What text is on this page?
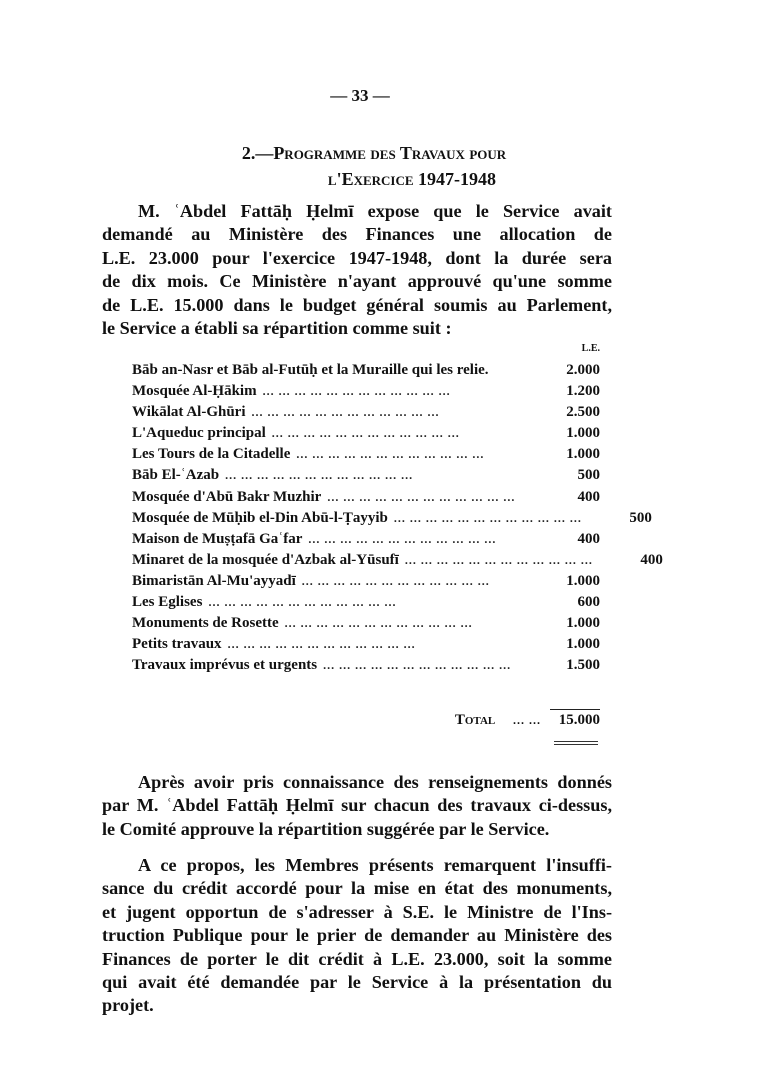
— 33 —
2.—Programme des Travaux pour
l'Exercice 1947-1948
M. ʿAbdel Fattāḥ Ḥelmī expose que le Service avait
demandé au Ministère des Finances une allocation de
L.E. 23.000 pour l'exercice 1947-1948, dont la durée sera
de dix mois. Ce Ministère n'ayant approuvé qu'une somme
de L.E. 15.000 dans le budget général soumis au Parlement,
le Service a établi sa répartition comme suit :
L.E.
Bāb an-Nasr et Bāb al-Futūḥ et la Muraille qui les relie.	2.000
Mosquée Al-Ḥākim ... ... ... ... ... ... ... ... ... ... ... ...	1.200
Wikālat Al-Ghūri ... ... ... ... ... ... ... ... ... ... ... ...	2.500
L'Aqueduc principal ... ... ... ... ... ... ... ... ... ... ... ...	1.000
Les Tours de la Citadelle ... ... ... ... ... ... ... ... ... ... ... ...	1.000
Bāb El-ʿAzab ... ... ... ... ... ... ... ... ... ... ... ...	500
Mosquée d'Abū Bakr Muzhir ... ... ... ... ... ... ... ... ... ... ... ...	400
Mosquée de Mūḥib el-Din Abū-l-Ṭayyib ... ... ... ... ... ... ... ... ... ... ... ...	500
Maison de Muṣṭafā Gaʿfar ... ... ... ... ... ... ... ... ... ... ... ...	400
Minaret de la mosquée d'Azbak al-Yūsufī ... ... ... ... ... ... ... ... ... ... ... ...	400
Bimaristān Al-Mu'ayyadī ... ... ... ... ... ... ... ... ... ... ... ...	1.000
Les Eglises ... ... ... ... ... ... ... ... ... ... ... ...	600
Monuments de Rosette ... ... ... ... ... ... ... ... ... ... ... ...	1.000
Petits travaux ... ... ... ... ... ... ... ... ... ... ... ...	1.000
Travaux imprévus et urgents ... ... ... ... ... ... ... ... ... ... ... ...	1.500
Total ... ... 15.000
Après avoir pris connaissance des renseignements donnés
par M. ʿAbdel Fattāḥ Ḥelmī sur chacun des travaux ci-dessus,
le Comité approuve la répartition suggérée par le Service.
A ce propos, les Membres présents remarquent l'insuffi-
sance du crédit accordé pour la mise en état des monuments,
et jugent opportun de s'adresser à S.E. le Ministre de l'Ins-
truction Publique pour le prier de demander au Ministère des
Finances de porter le dit crédit à L.E. 23.000, soit la somme
qui avait été demandée par le Service à la présentation du
projet.
